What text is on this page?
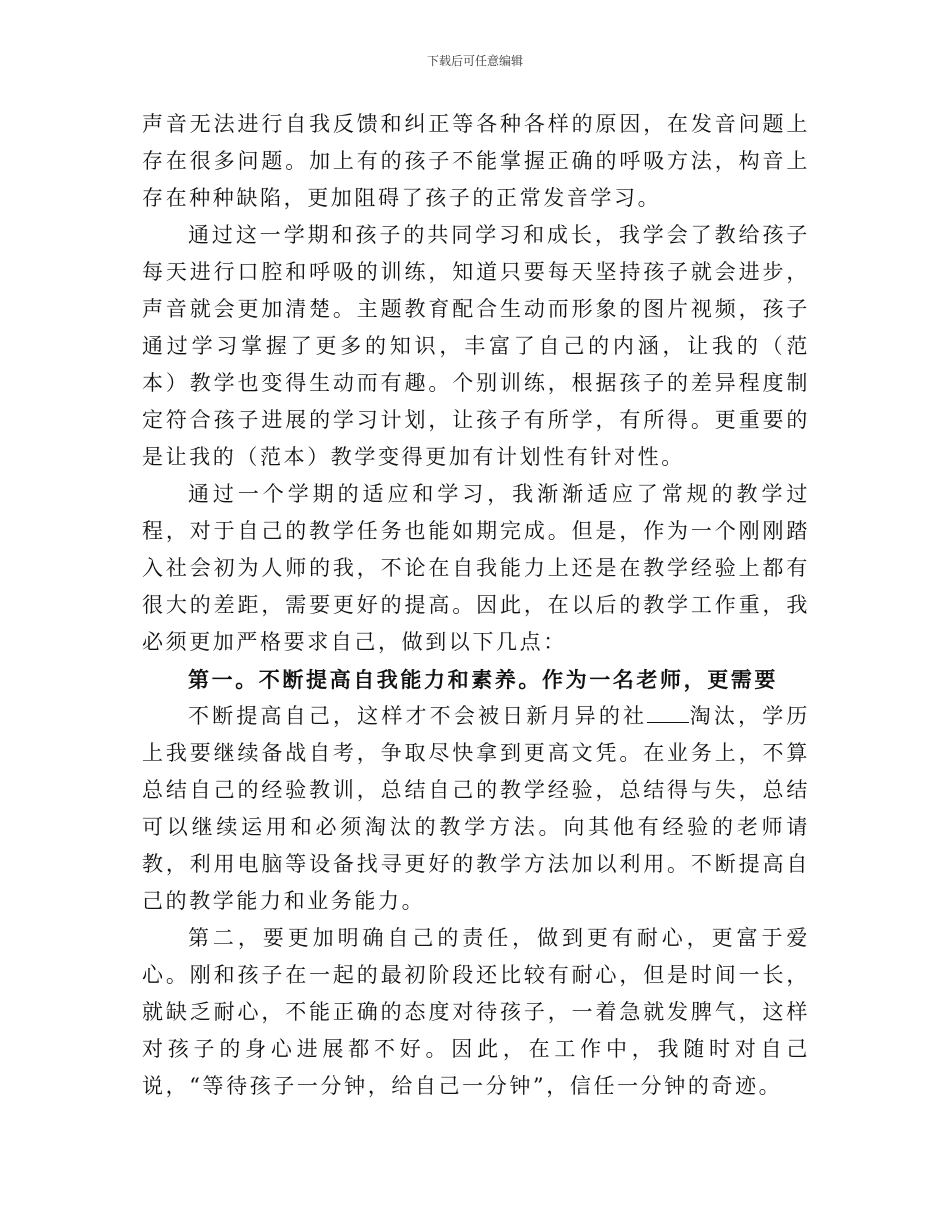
下载后可任意编辑

声音无法进行自我反馈和纠正等各种各样的原因，在发音问题上存在很多问题。加上有的孩子不能掌握正确的呼吸方法，构音上存在种种缺陷，更加阻碍了孩子的正常发音学习。

通过这一学期和孩子的共同学习和成长，我学会了教给孩子每天进行口腔和呼吸的训练，知道只要每天坚持孩子就会进步，声音就会更加清楚。主题教育配合生动而形象的图片视频，孩子通过学习掌握了更多的知识，丰富了自己的内涵，让我的（范本）教学也变得生动而有趣。个别训练，根据孩子的差异程度制定符合孩子进展的学习计划，让孩子有所学，有所得。更重要的是让我的（范本）教学变得更加有计划性有针对性。

通过一个学期的适应和学习，我渐渐适应了常规的教学过程，对于自己的教学任务也能如期完成。但是，作为一个刚刚踏入社会初为人师的我，不论在自我能力上还是在教学经验上都有很大的差距，需要更好的提高。因此，在以后的教学工作重，我必须更加严格要求自己，做到以下几点：

第一。不断提高自我能力和素养。作为一名老师，更需要

不断提高自己，这样才不会被日新月异的社 淘汰，学历上我要继续备战自考，争取尽快拿到更高文凭。在业务上，不算总结自己的经验教训，总结自己的教学经验，总结得与失，总结可以继续运用和必须淘汰的教学方法。向其他有经验的老师请教，利用电脑等设备找寻更好的教学方法加以利用。不断提高自己的教学能力和业务能力。

第二，要更加明确自己的责任，做到更有耐心，更富于爱心。刚和孩子在一起的最初阶段还比较有耐心，但是时间一长，就缺乏耐心，不能正确的态度对待孩子，一着急就发脾气，这样对孩子的身心进展都不好。因此，在工作中，我随时对自己说，“等待孩子一分钟，给自己一分钟”，信任一分钟的奇迹。
